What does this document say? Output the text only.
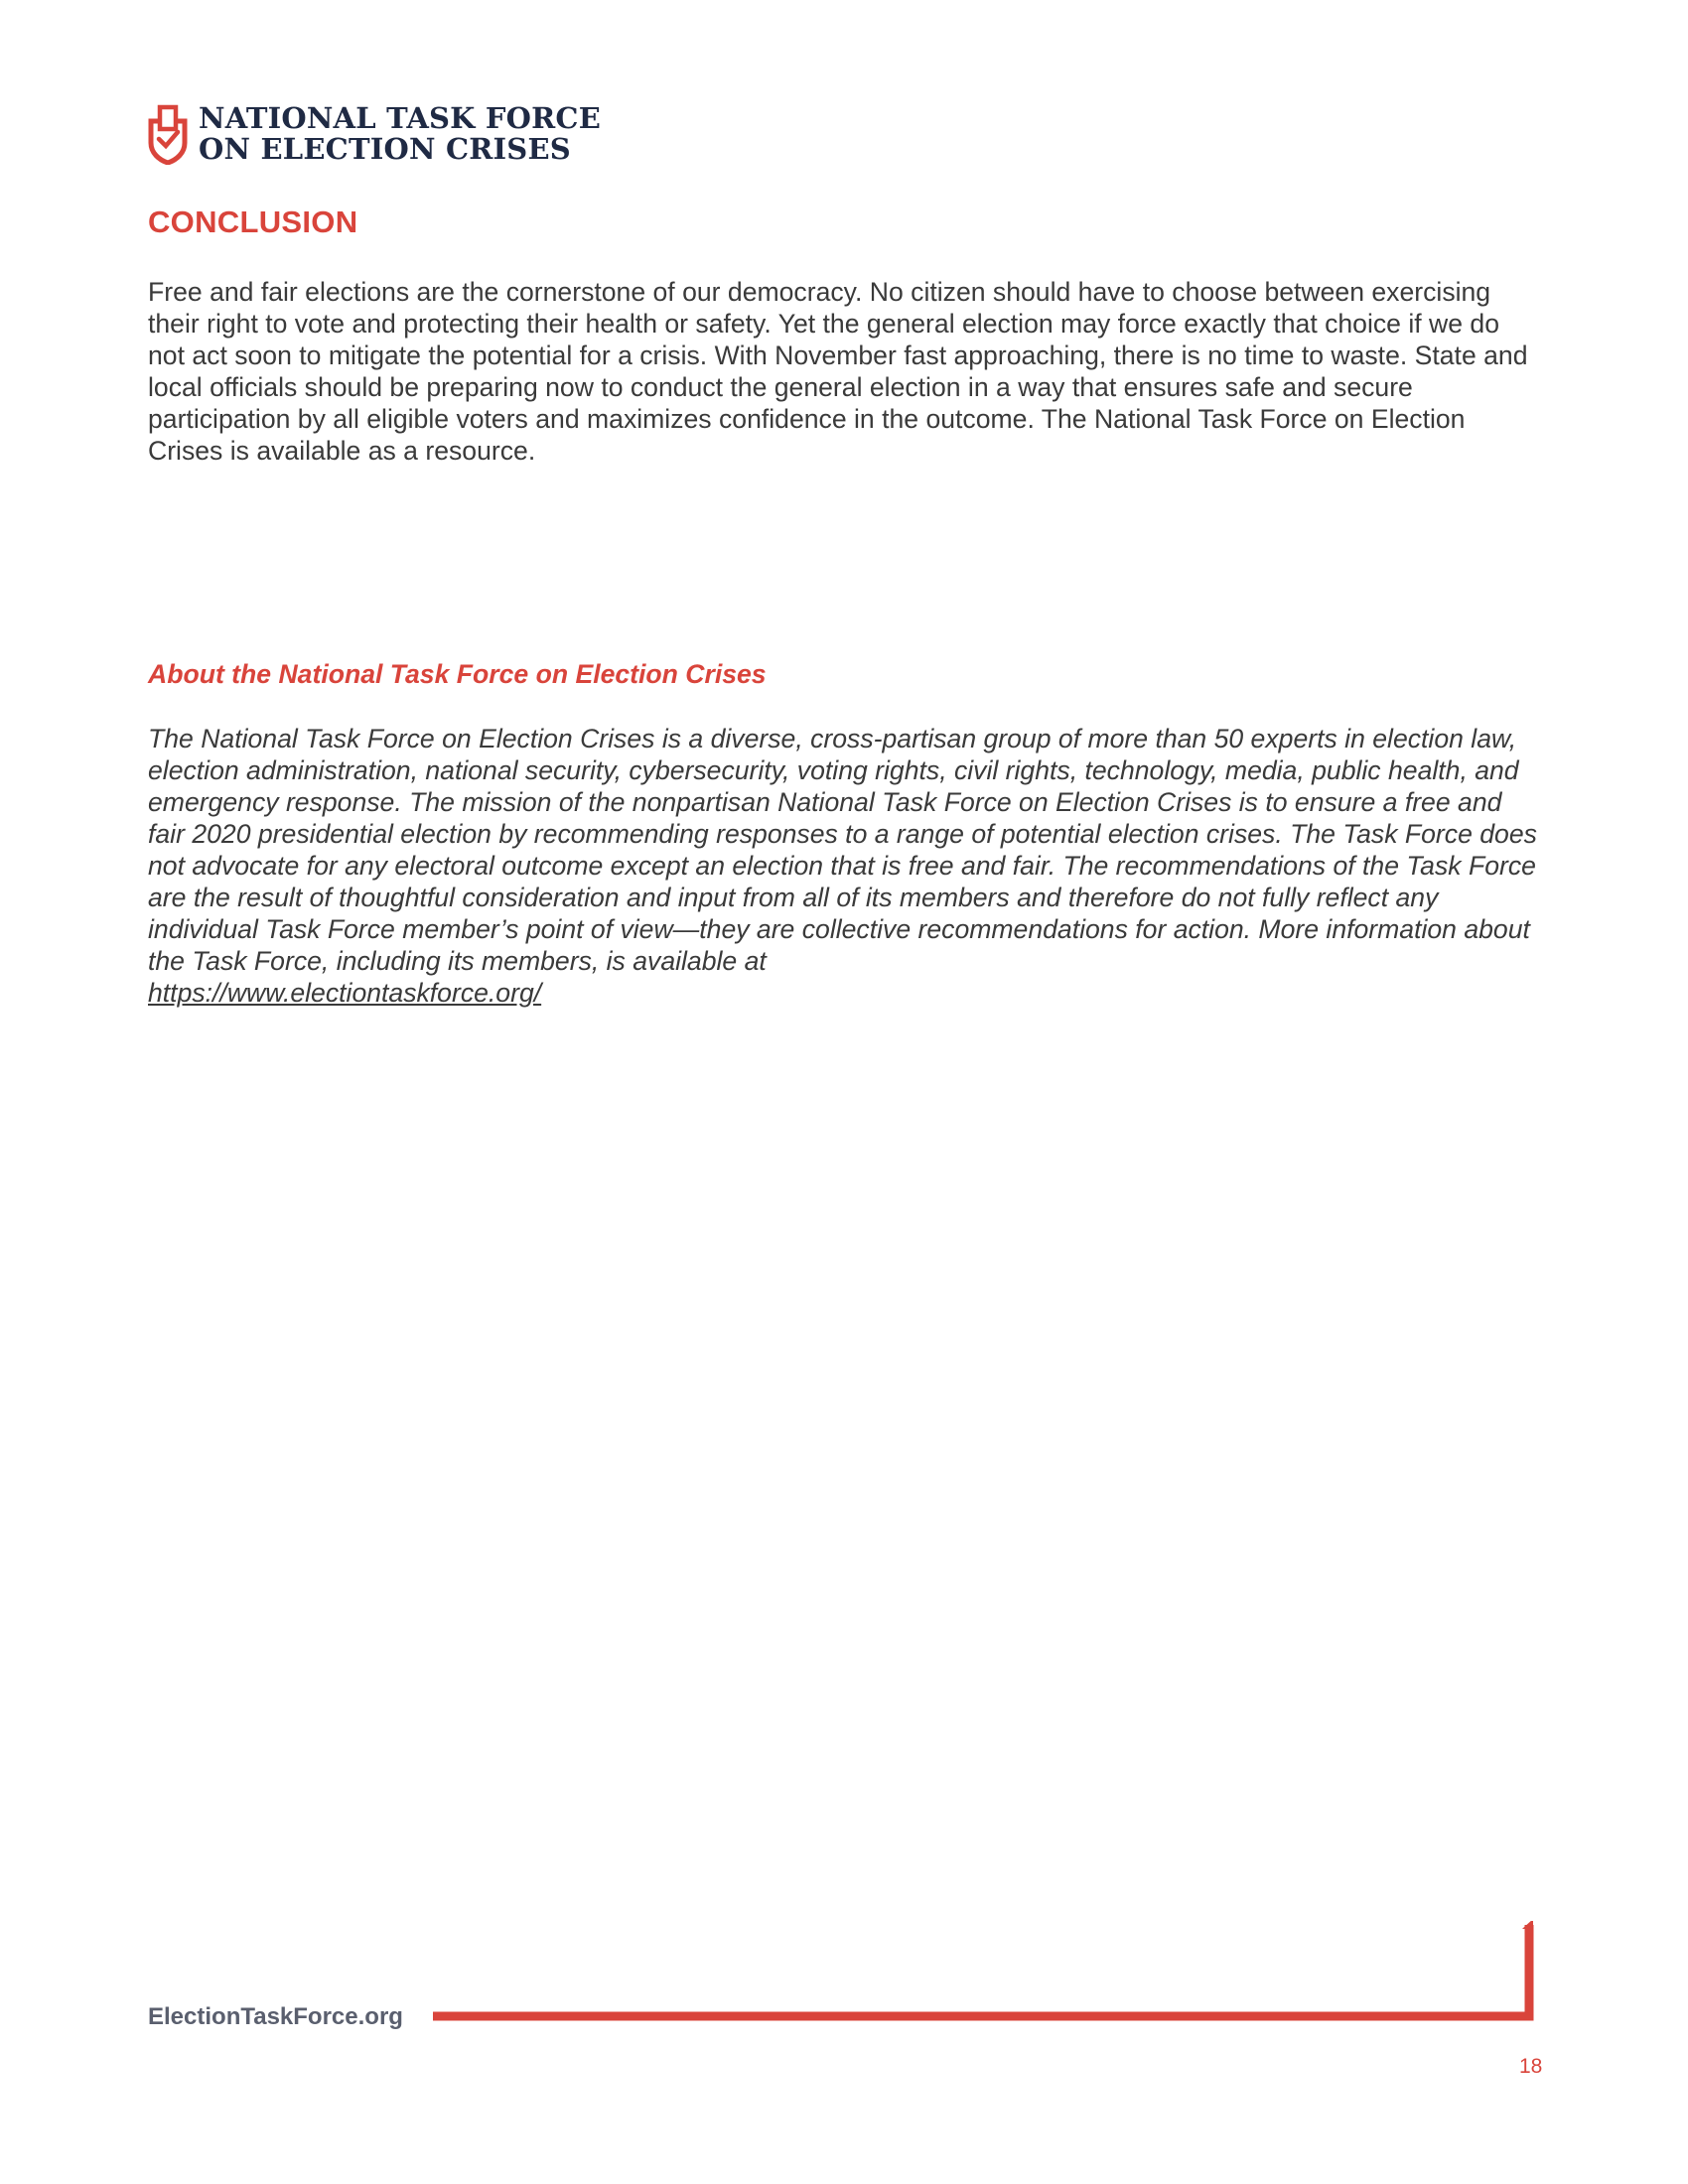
NATIONAL TASK FORCE
ON ELECTION CRISES
CONCLUSION

Free and fair elections are the cornerstone of our democracy. No citizen should have to choose between exercising their right to vote and protecting their health or safety. Yet the general election may force exactly that choice if we do not act soon to mitigate the potential for a crisis. With November fast approaching, there is no time to waste. State and local officials should be preparing now to conduct the general election in a way that ensures safe and secure participation by all eligible voters and maximizes confidence in the outcome. The National Task Force on Election Crises is available as a resource.

About the National Task Force on Election Crises

The National Task Force on Election Crises is a diverse, cross-partisan group of more than 50 experts in election law, election administration, national security, cybersecurity, voting rights, civil rights, technology, media, public health, and emergency response. The mission of the nonpartisan National Task Force on Election Crises is to ensure a free and fair 2020 presidential election by recommending responses to a range of potential election crises. The Task Force does not advocate for any electoral outcome except an election that is free and fair. The recommendations of the Task Force are the result of thoughtful consideration and input from all of its members and therefore do not fully reflect any individual Task Force member’s point of view—they are collective recommendations for action. More information about the Task Force, including its members, is available at
https://www.electiontaskforce.org/

ElectionTaskForce.org
18
